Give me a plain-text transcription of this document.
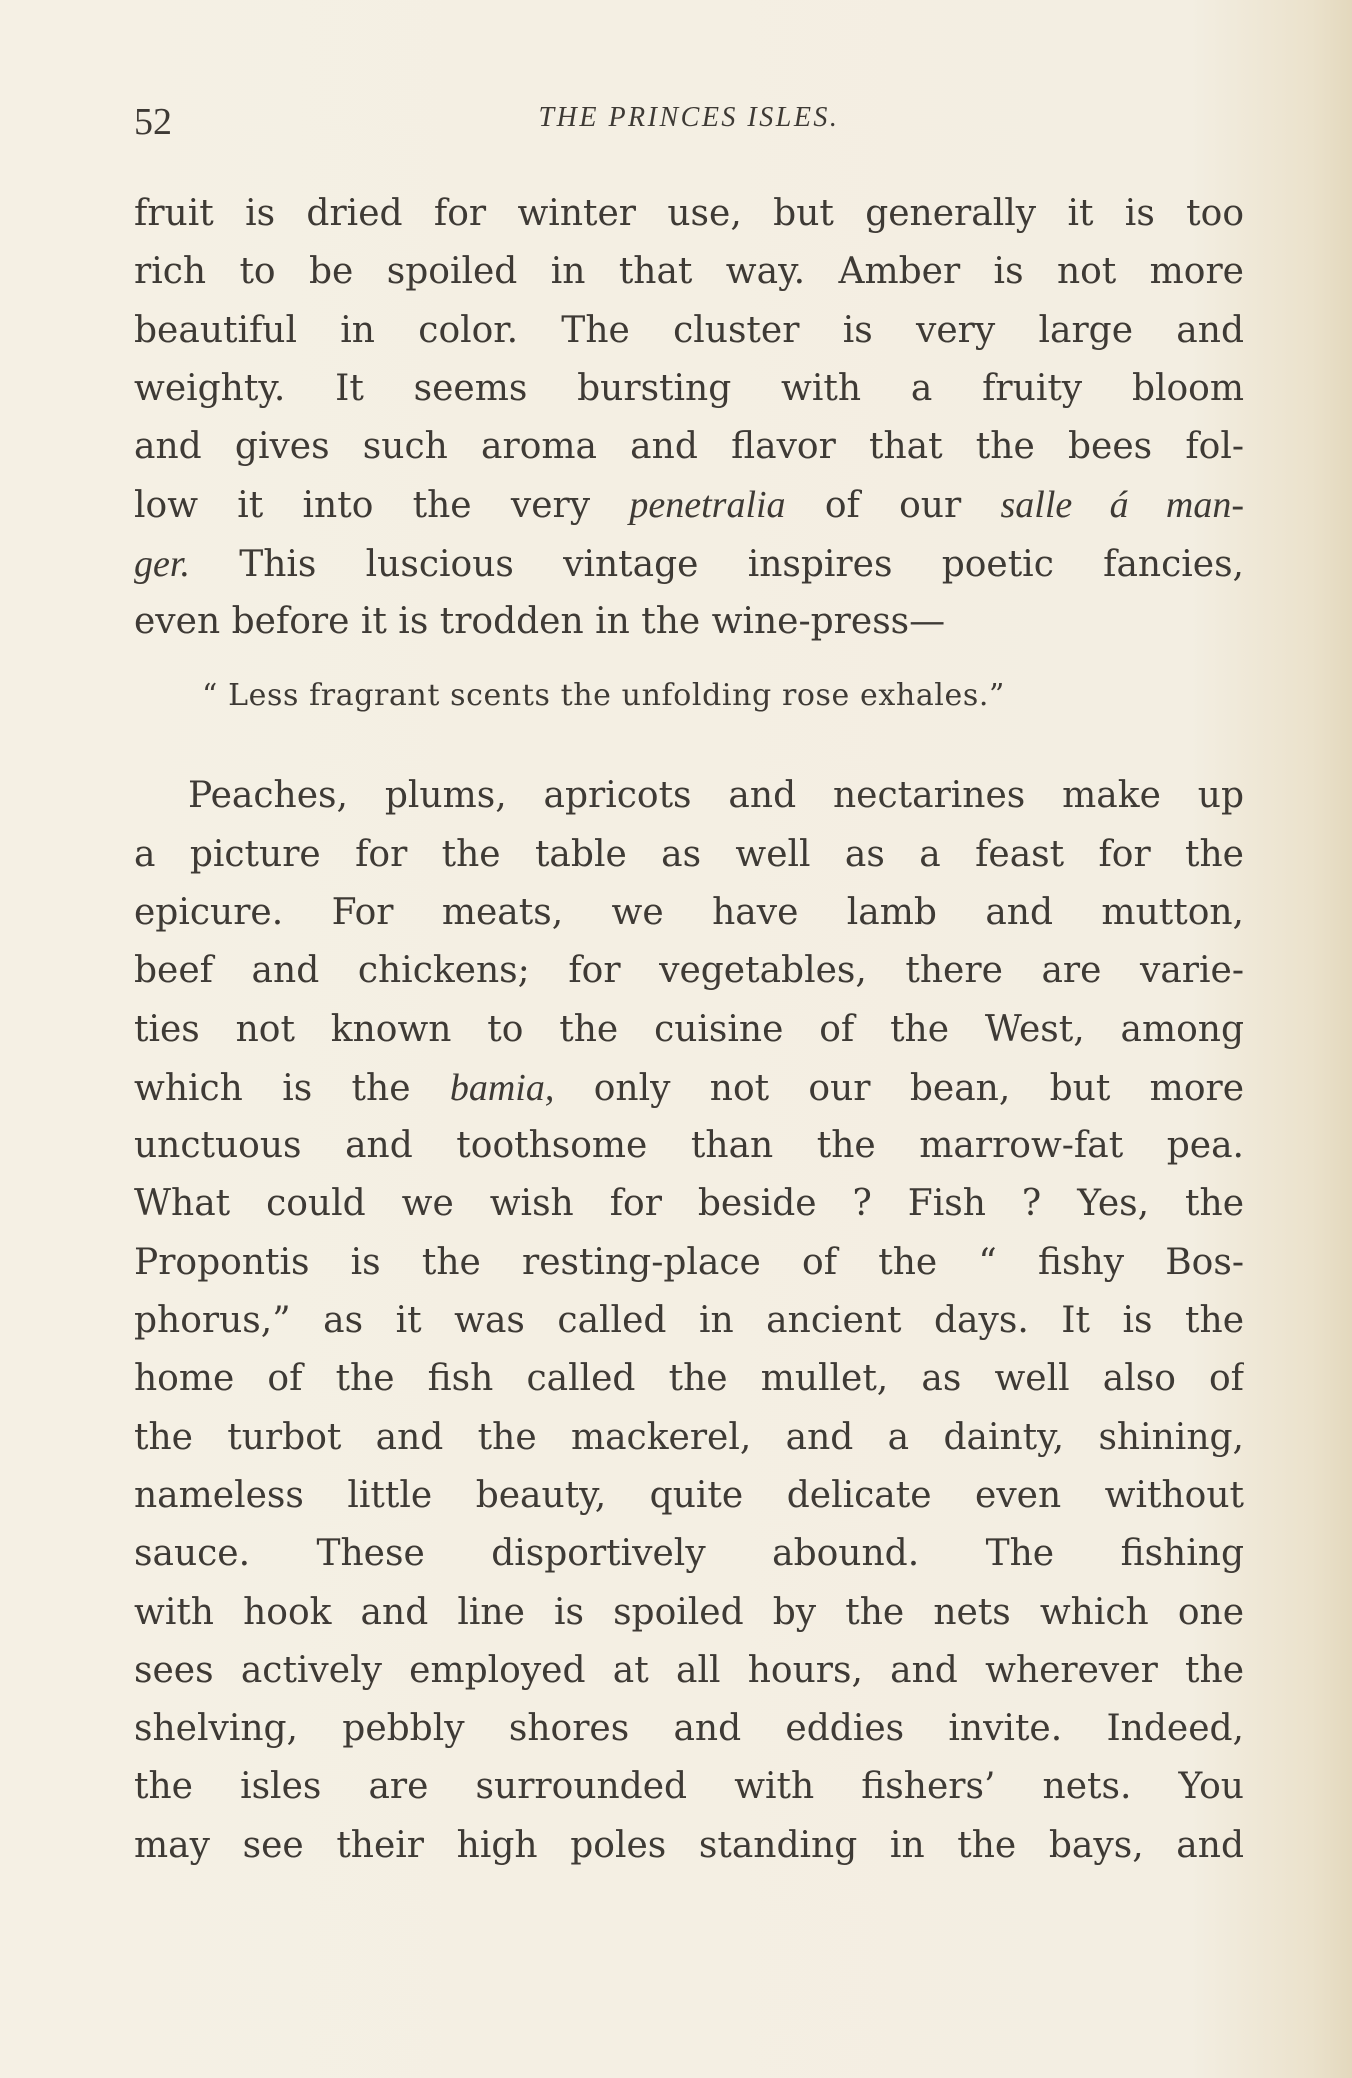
52	THE PRINCES ISLES.
fruit is dried for winter use, but generally it is too
rich to be spoiled in that way. Amber is not more
beautiful in color. The cluster is very large and
weighty. It seems bursting with a fruity bloom
and gives such aroma and flavor that the bees fol-
low it into the very penetralia of our salle á man-
ger. This luscious vintage inspires poetic fancies,
even before it is trodden in the wine-press—
“ Less fragrant scents the unfolding rose exhales.”
Peaches, plums, apricots and nectarines make up
a picture for the table as well as a feast for the
epicure. For meats, we have lamb and mutton,
beef and chickens; for vegetables, there are varie-
ties not known to the cuisine of the West, among
which is the bamia, only not our bean, but more
unctuous and toothsome than the marrow-fat pea.
What could we wish for beside ? Fish ? Yes, the
Propontis is the resting-place of the “ fishy Bos-
phorus,” as it was called in ancient days. It is the
home of the fish called the mullet, as well also of
the turbot and the mackerel, and a dainty, shining,
nameless little beauty, quite delicate even without
sauce. These disportively abound. The fishing
with hook and line is spoiled by the nets which one
sees actively employed at all hours, and wherever the
shelving, pebbly shores and eddies invite. Indeed,
the isles are surrounded with fishers’ nets. You
may see their high poles standing in the bays, and
